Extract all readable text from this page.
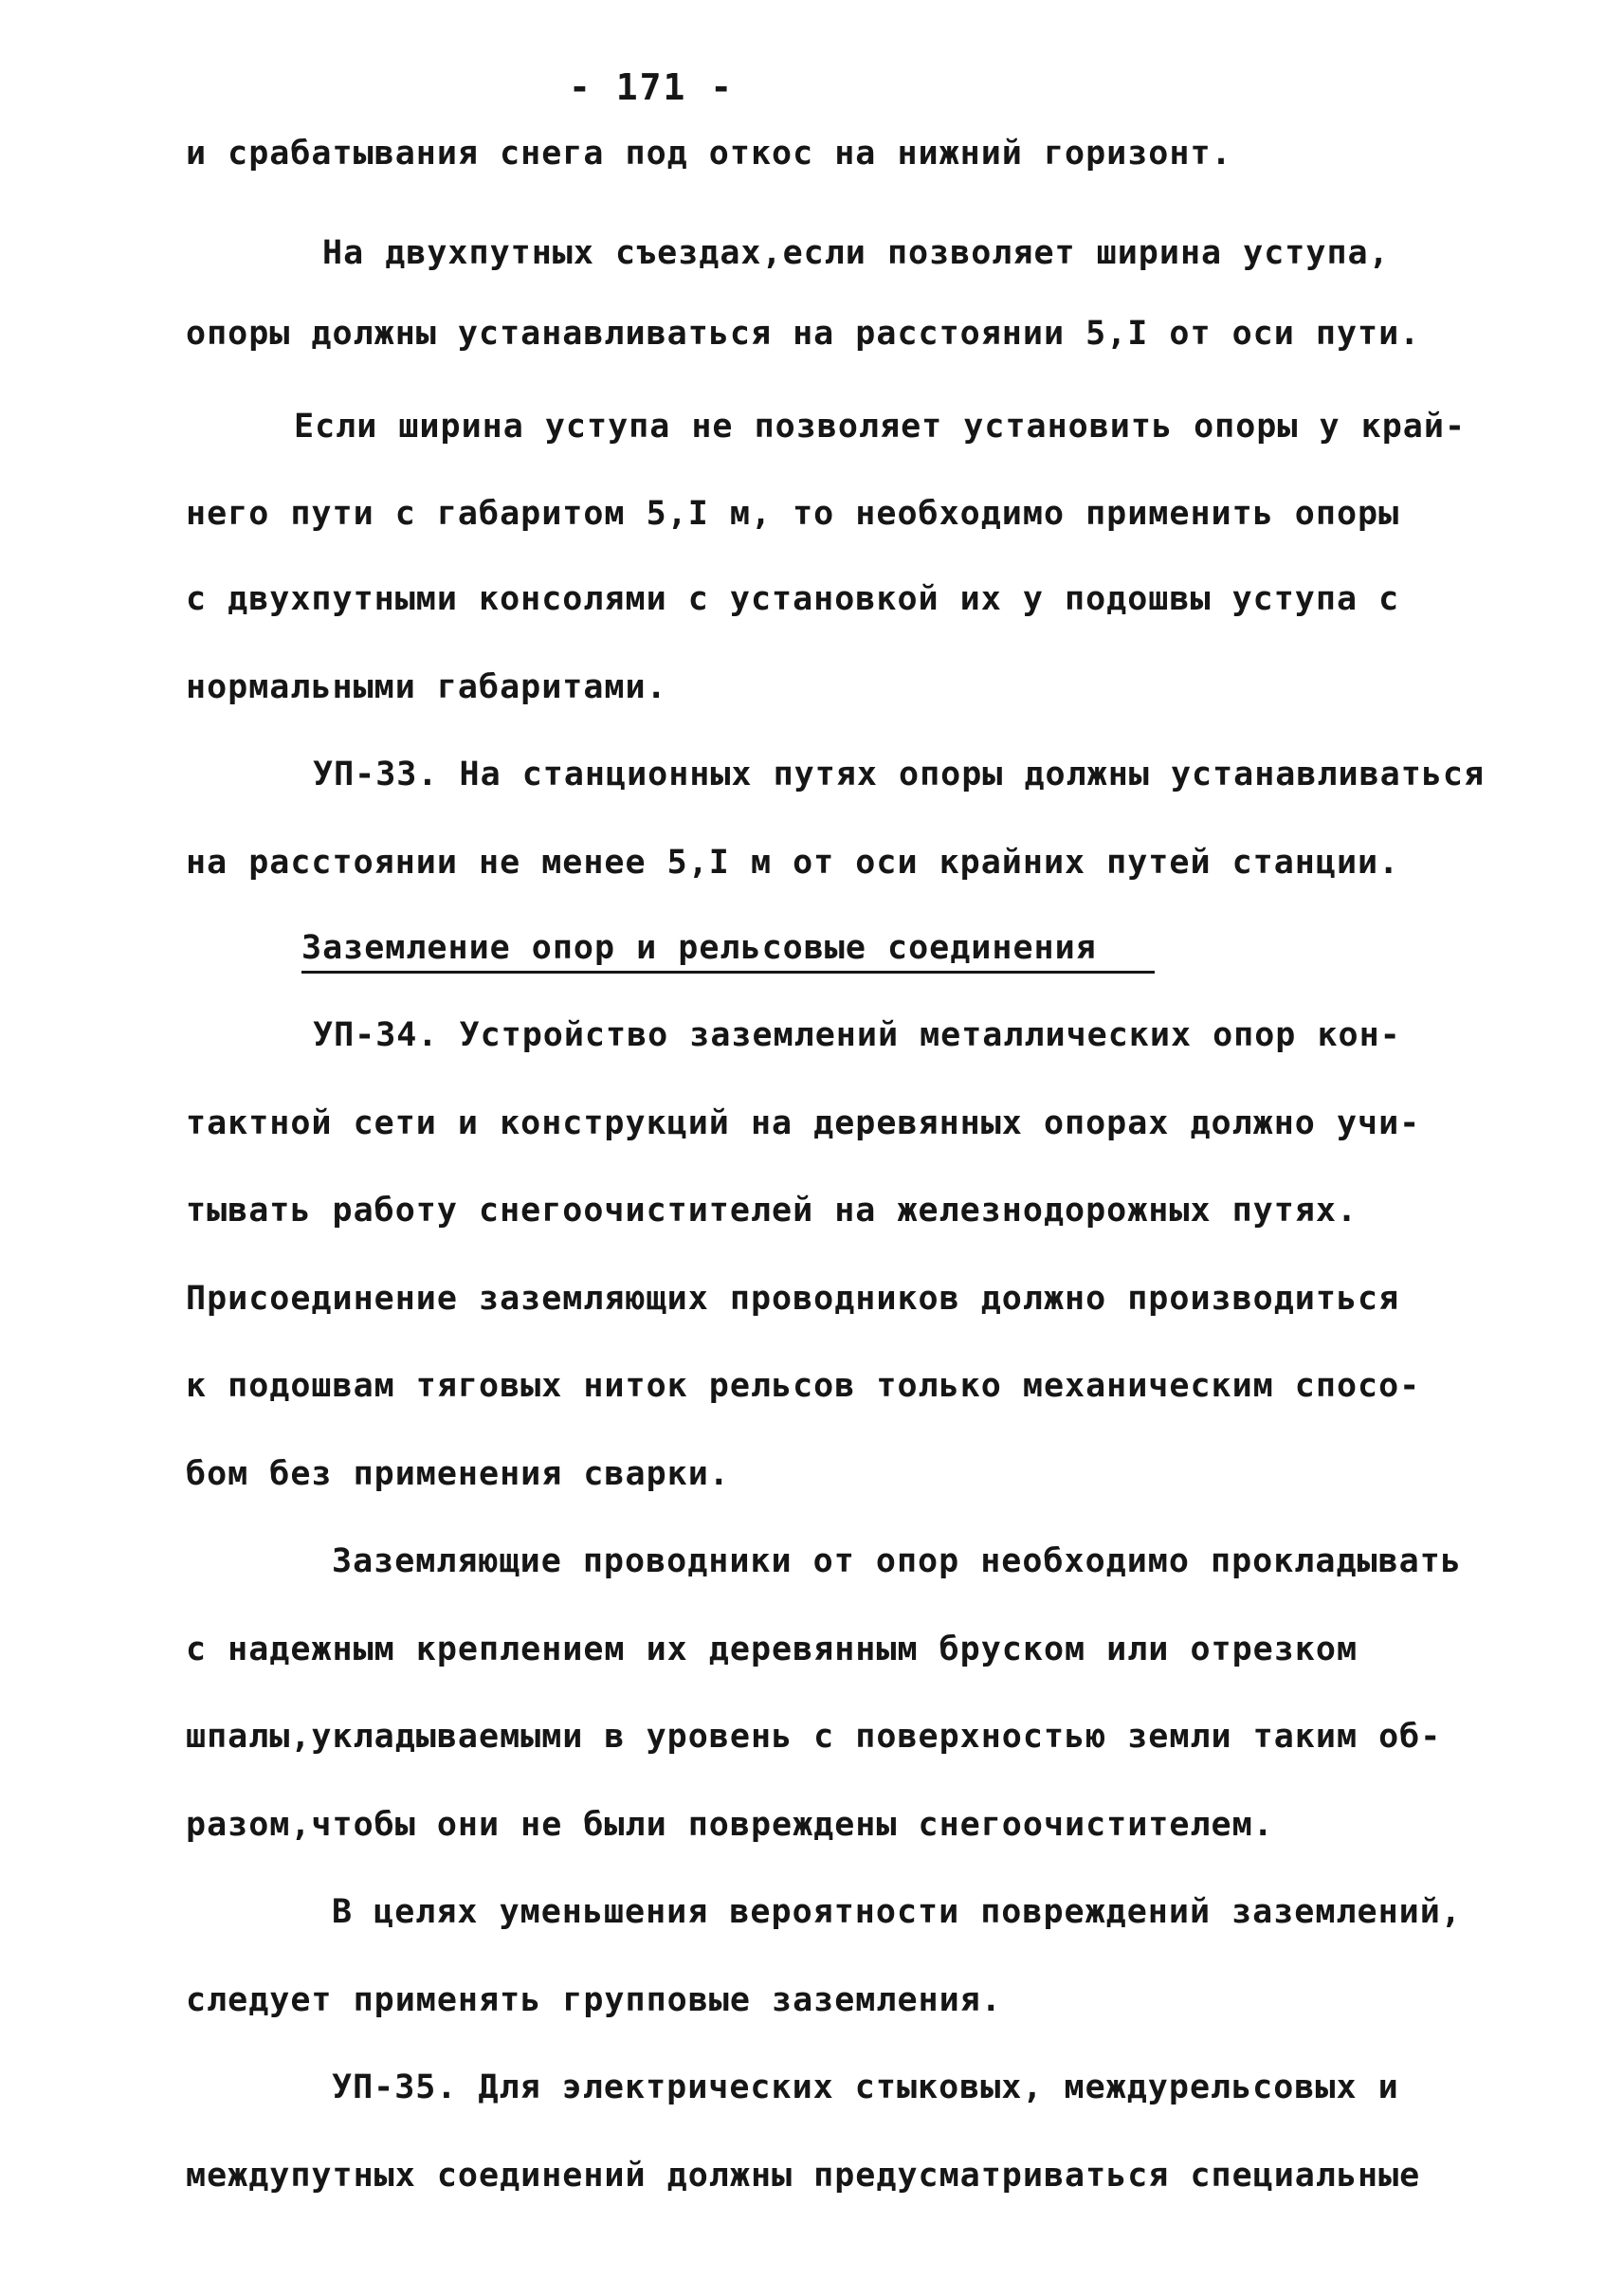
- 171 -
и срабатывания снега под откос на нижний горизонт.
На двухпутных съездах,если позволяет ширина уступа,
опоры должны устанавливаться на расстоянии 5,I от оси пути.
Если ширина уступа не позволяет установить опоры у край-
него пути с габаритом 5,I м, то необходимо применить опоры
с двухпутными консолями с установкой их у подошвы уступа с
нормальными габаритами.
УП-33. На станционных путях опоры должны устанавливаться
на расстоянии не менее 5,I м от оси крайних путей станции.
Заземление опор и рельсовые соединения
УП-34. Устройство заземлений металлических опор кон-
тактной сети и конструкций на деревянных опорах должно учи-
тывать работу снегоочистителей на железнодорожных путях.
Присоединение заземляющих проводников должно производиться
к подошвам тяговых ниток рельсов только механическим спосо-
бом без применения сварки.
Заземляющие проводники от опор необходимо прокладывать
с надежным креплением их деревянным бруском или отрезком
шпалы,укладываемыми в уровень с поверхностью земли таким об-
разом,чтобы они не были повреждены снегоочистителем.
В целях уменьшения вероятности повреждений заземлений,
следует применять групповые заземления.
УП-35. Для электрических стыковых, междурельсовых и
междупутных соединений должны предусматриваться специальные
